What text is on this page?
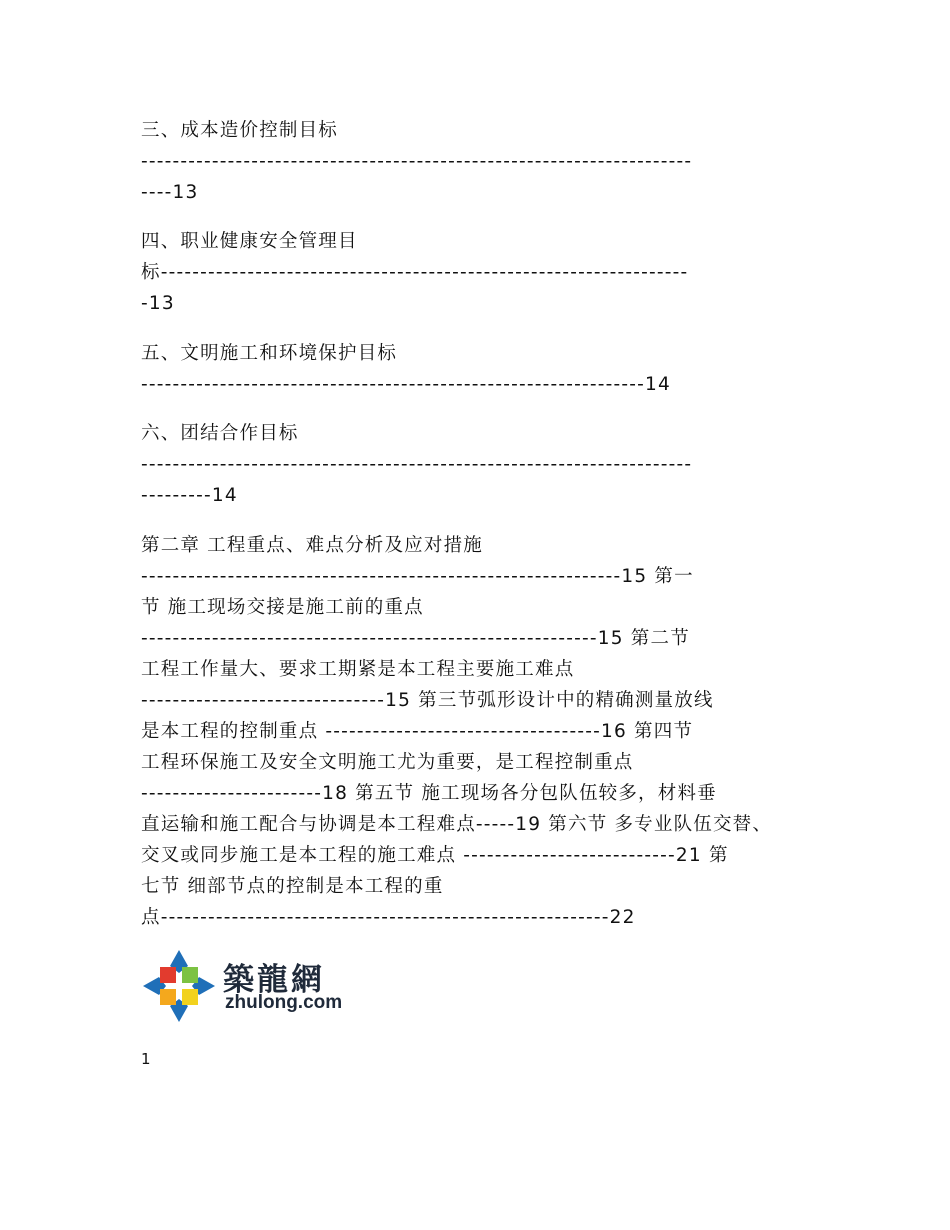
三、成本造价控制目标
----------------------------------------------------------------------
----13
四、职业健康安全管理目
标-------------------------------------------------------------------
-13
五、文明施工和环境保护目标
----------------------------------------------------------------14
六、团结合作目标
----------------------------------------------------------------------
---------14
第二章 工程重点、难点分析及应对措施
-------------------------------------------------------------15 第一
节 施工现场交接是施工前的重点
----------------------------------------------------------15 第二节
工程工作量大、要求工期紧是本工程主要施工难点
-------------------------------15 第三节弧形设计中的精确测量放线
是本工程的控制重点 -----------------------------------16 第四节
工程环保施工及安全文明施工尤为重要，是工程控制重点
-----------------------18 第五节 施工现场各分包队伍较多，材料垂
直运输和施工配合与协调是本工程难点-----19 第六节 多专业队伍交替、
交叉或同步施工是本工程的施工难点 ---------------------------21 第
七节 细部节点的控制是本工程的重
点---------------------------------------------------------22
築龍網
zhulong.com
1
